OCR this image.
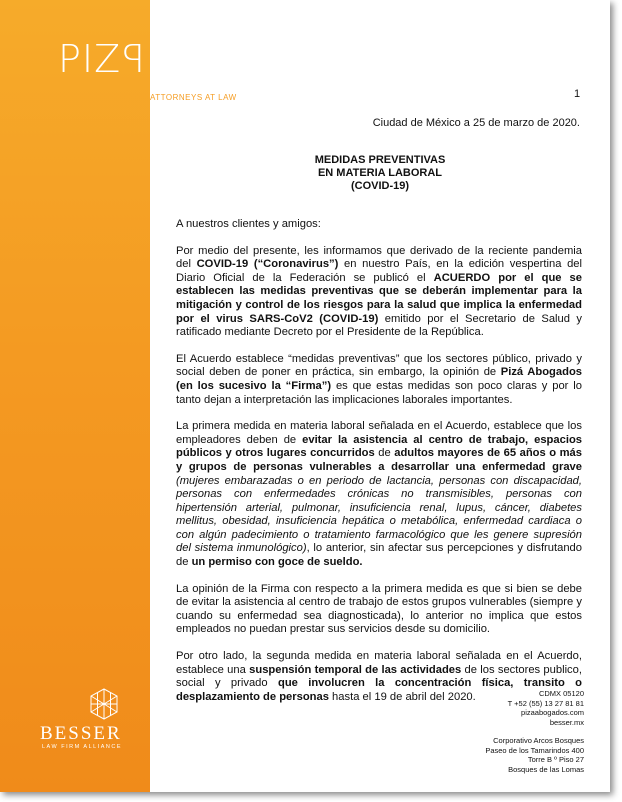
PIZZIP
ATTORNEYS AT LAW	1
Ciudad de México a 25 de marzo de 2020.
MEDIDAS PREVENTIVAS
EN MATERIA LABORAL
(COVID-19)

A nuestros clientes y amigos:

Por medio del presente, les informamos que derivado de la reciente pandemia del COVID-19 (“Coronavirus”) en nuestro País, en la edición vespertina del Diario Oficial de la Federación se publicó el ACUERDO por el que se establecen las medidas preventivas que se deberán implementar para la mitigación y control de los riesgos para la salud que implica la enfermedad por el virus SARS-CoV2 (COVID-19) emitido por el Secretario de Salud y ratificado mediante Decreto por el Presidente de la República.

El Acuerdo establece “medidas preventivas” que los sectores público, privado y social deben de poner en práctica, sin embargo, la opinión de Pizá Abogados (en los sucesivo la “Firma”) es que estas medidas son poco claras y por lo tanto dejan a interpretación las implicaciones laborales importantes.

La primera medida en materia laboral señalada en el Acuerdo, establece que los empleadores deben de evitar la asistencia al centro de trabajo, espacios públicos y otros lugares concurridos de adultos mayores de 65 años o más y grupos de personas vulnerables a desarrollar una enfermedad grave (mujeres embarazadas o en periodo de lactancia, personas con discapacidad, personas con enfermedades crónicas no transmisibles, personas con hipertensión arterial, pulmonar, insuficiencia renal, lupus, cáncer, diabetes mellitus, obesidad, insuficiencia hepática o metabólica, enfermedad cardiaca o con algún padecimiento o tratamiento farmacológico que les genere supresión del sistema inmunológico), lo anterior, sin afectar sus percepciones y disfrutando de un permiso con goce de sueldo.

La opinión de la Firma con respecto a la primera medida es que si bien se debe de evitar la asistencia al centro de trabajo de estos grupos vulnerables (siempre y cuando su enfermedad sea diagnosticada), lo anterior no implica que estos empleados no puedan prestar sus servicios desde su domicilio.

Por otro lado, la segunda medida en materia laboral señalada en el Acuerdo, establece una suspensión temporal de las actividades de los sectores publico, social y privado que involucren la concentración física, transito o desplazamiento de personas hasta el 19 de abril del 2020.

BESSER
LAW FIRM ALLIANCE
CDMX 05120
T +52 (55) 13 27 81 81
pizaabogados.com
besser.mx
Corporativo Arcos Bosques
Paseo de los Tamarindos 400
Torre B º Piso 27
Bosques de las Lomas
